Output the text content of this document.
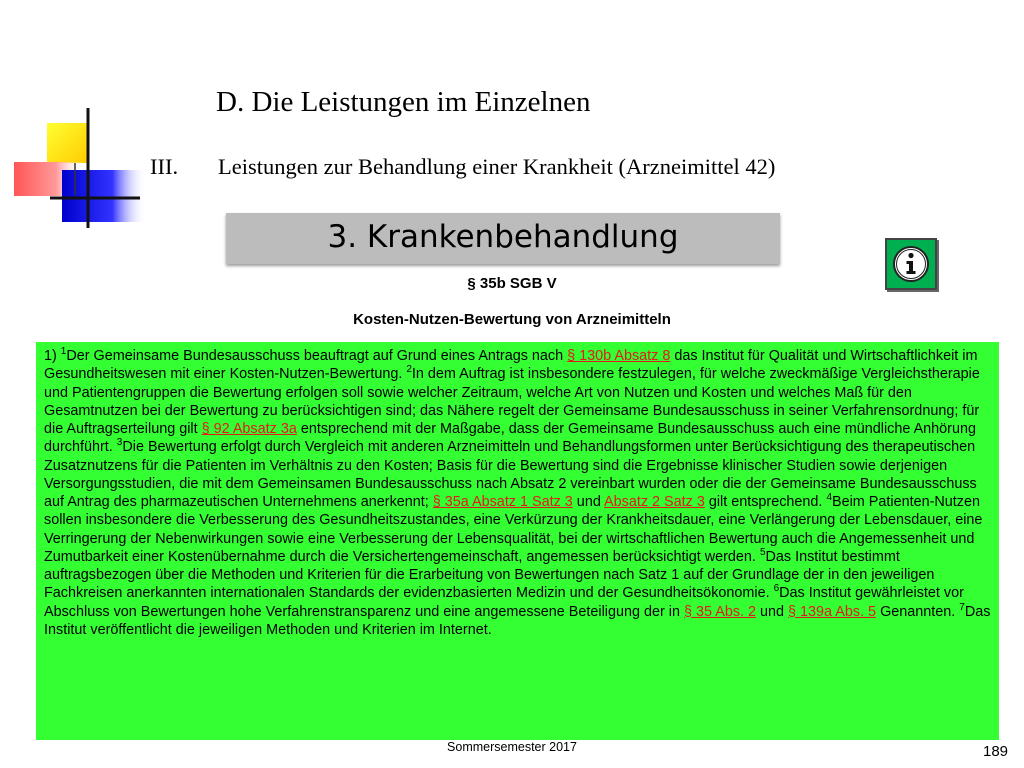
D. Die Leistungen im Einzelnen
III. Leistungen zur Behandlung einer Krankheit (Arzneimittel 42)
3. Krankenbehandlung
§ 35b SGB V
Kosten-Nutzen-Bewertung von Arzneimitteln
1) $^1$Der Gemeinsame Bundesausschuss beauftragt auf Grund eines Antrags nach § 130b Absatz 8 das Institut für Qualität und Wirtschaftlichkeit im Gesundheitswesen mit einer Kosten-Nutzen-Bewertung. $^2$In dem Auftrag ist insbesondere festzulegen, für welche zweckmäßige Vergleichstherapie und Patientengruppen die Bewertung erfolgen soll sowie welcher Zeitraum, welche Art von Nutzen und Kosten und welches Maß für den Gesamtnutzen bei der Bewertung zu berücksichtigen sind; das Nähere regelt der Gemeinsame Bundesausschuss in seiner Verfahrensordnung; für die Auftragserteilung gilt § 92 Absatz 3a entsprechend mit der Maßgabe, dass der Gemeinsame Bundesausschuss auch eine mündliche Anhörung durchführt. $^3$Die Bewertung erfolgt durch Vergleich mit anderen Arzneimitteln und Behandlungsformen unter Berücksichtigung des therapeutischen Zusatznutzens für die Patienten im Verhältnis zu den Kosten; Basis für die Bewertung sind die Ergebnisse klinischer Studien sowie derjenigen Versorgungsstudien, die mit dem Gemeinsamen Bundesausschuss nach Absatz 2 vereinbart wurden oder die der Gemeinsame Bundesausschuss auf Antrag des pharmazeutischen Unternehmens anerkennt; § 35a Absatz 1 Satz 3 und Absatz 2 Satz 3 gilt entsprechend. $^4$Beim Patienten-Nutzen sollen insbesondere die Verbesserung des Gesundheitszustandes, eine Verkürzung der Krankheitsdauer, eine Verlängerung der Lebensdauer, eine Verringerung der Nebenwirkungen sowie eine Verbesserung der Lebensqualität, bei der wirtschaftlichen Bewertung auch die Angemessenheit und Zumutbarkeit einer Kostenübernahme durch die Versichertengemeinschaft, angemessen berücksichtigt werden. $^5$Das Institut bestimmt auftragsbezogen über die Methoden und Kriterien für die Erarbeitung von Bewertungen nach Satz 1 auf der Grundlage der in den jeweiligen Fachkreisen anerkannten internationalen Standards der evidenzbasierten Medizin und der Gesundheitsökonomie. $^6$Das Institut gewährleistet vor Abschluss von Bewertungen hohe Verfahrenstransparenz und eine angemessene Beteiligung der in § 35 Abs. 2 und § 139a Abs. 5 Genannten. $^7$Das Institut veröffentlicht die jeweiligen Methoden und Kriterien im Internet.
Sommersemester 2017	189
